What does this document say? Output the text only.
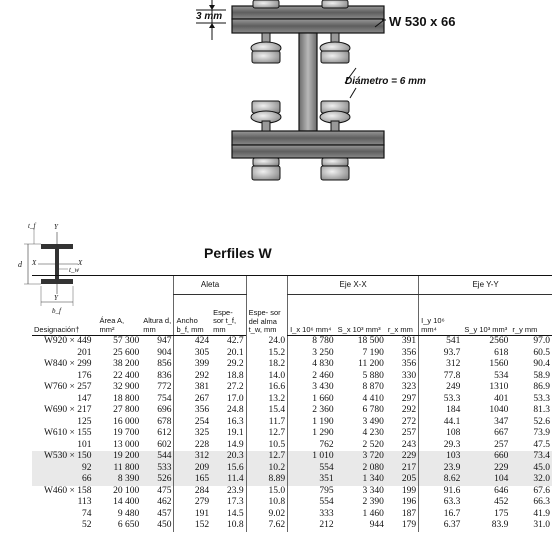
3 mm	W 530 x 66
Diámetro = 6 mm
t_f	Y
X	X
t_w
d
Y
b_f
Perfiles W
			Aleta		Espe- sor del alma t_w, mm	Eje X-X			Eje Y-Y		
Designación†	Área A, mm²	Altura d, mm	Ancho b_f, mm	Espe- sor t_f, mm		I_x 10⁶ mm⁴	S_x 10³ mm³	r_x mm	I_y 10⁶ mm⁴	S_y 10³ mm³	r_y mm
W920 × 449	57 300	947	424	42.7	24.0	8 780	18 500	391	541	2560	97.0
201	25 600	904	305	20.1	15.2	3 250	7 190	356	93.7	618	60.5
W840 × 299	38 200	856	399	29.2	18.2	4 830	11 200	356	312	1560	90.4
176	22 400	836	292	18.8	14.0	2 460	5 880	330	77.8	534	58.9
W760 × 257	32 900	772	381	27.2	16.6	3 430	8 870	323	249	1310	86.9
147	18 800	754	267	17.0	13.2	1 660	4 410	297	53.3	401	53.3
W690 × 217	27 800	696	356	24.8	15.4	2 360	6 780	292	184	1040	81.3
125	16 000	678	254	16.3	11.7	1 190	3 490	272	44.1	347	52.6
W610 × 155	19 700	612	325	19.1	12.7	1 290	4 230	257	108	667	73.9
101	13 000	602	228	14.9	10.5	762	2 520	243	29.3	257	47.5
W530 × 150	19 200	544	312	20.3	12.7	1 010	3 720	229	103	660	73.4
92	11 800	533	209	15.6	10.2	554	2 080	217	23.9	229	45.0
66	8 390	526	165	11.4	8.89	351	1 340	205	8.62	104	32.0
W460 × 158	20 100	475	284	23.9	15.0	795	3 340	199	91.6	646	67.6
113	14 400	462	279	17.3	10.8	554	2 390	196	63.3	452	66.3
74	9 480	457	191	14.5	9.02	333	1 460	187	16.7	175	41.9
52	6 650	450	152	10.8	7.62	212	944	179	6.37	83.9	31.0
